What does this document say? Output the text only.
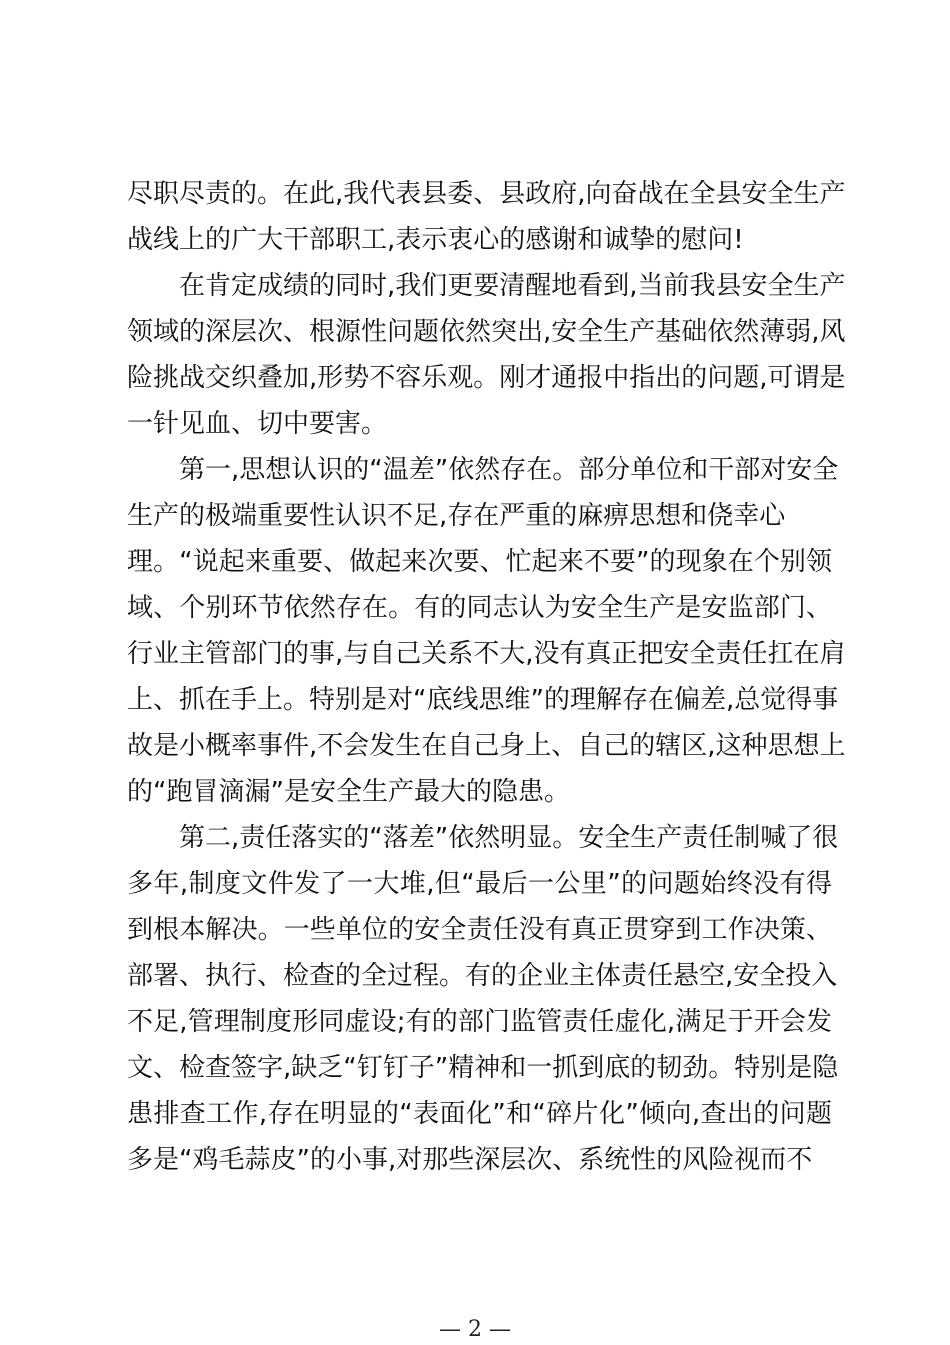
尽职尽责的。在此,我代表县委、县政府,向奋战在全县安全生产
战线上的广大干部职工,表示衷心的感谢和诚挚的慰问!
在肯定成绩的同时,我们更要清醒地看到,当前我县安全生产
领域的深层次、根源性问题依然突出,安全生产基础依然薄弱,风
险挑战交织叠加,形势不容乐观。刚才通报中指出的问题,可谓是
一针见血、切中要害。
第一,思想认识的“温差”依然存在。部分单位和干部对安全
生产的极端重要性认识不足,存在严重的麻痹思想和侥幸心
理。“说起来重要、做起来次要、忙起来不要”的现象在个别领
域、个别环节依然存在。有的同志认为安全生产是安监部门、
行业主管部门的事,与自己关系不大,没有真正把安全责任扛在肩
上、抓在手上。特别是对“底线思维”的理解存在偏差,总觉得事
故是小概率事件,不会发生在自己身上、自己的辖区,这种思想上
的“跑冒滴漏”是安全生产最大的隐患。
第二,责任落实的“落差”依然明显。安全生产责任制喊了很
多年,制度文件发了一大堆,但“最后一公里”的问题始终没有得
到根本解决。一些单位的安全责任没有真正贯穿到工作决策、
部署、执行、检查的全过程。有的企业主体责任悬空,安全投入
不足,管理制度形同虚设;有的部门监管责任虚化,满足于开会发
文、检查签字,缺乏“钉钉子”精神和一抓到底的韧劲。特别是隐
患排查工作,存在明显的“表面化”和“碎片化”倾向,查出的问题
多是“鸡毛蒜皮”的小事,对那些深层次、系统性的风险视而不
— 2 —
